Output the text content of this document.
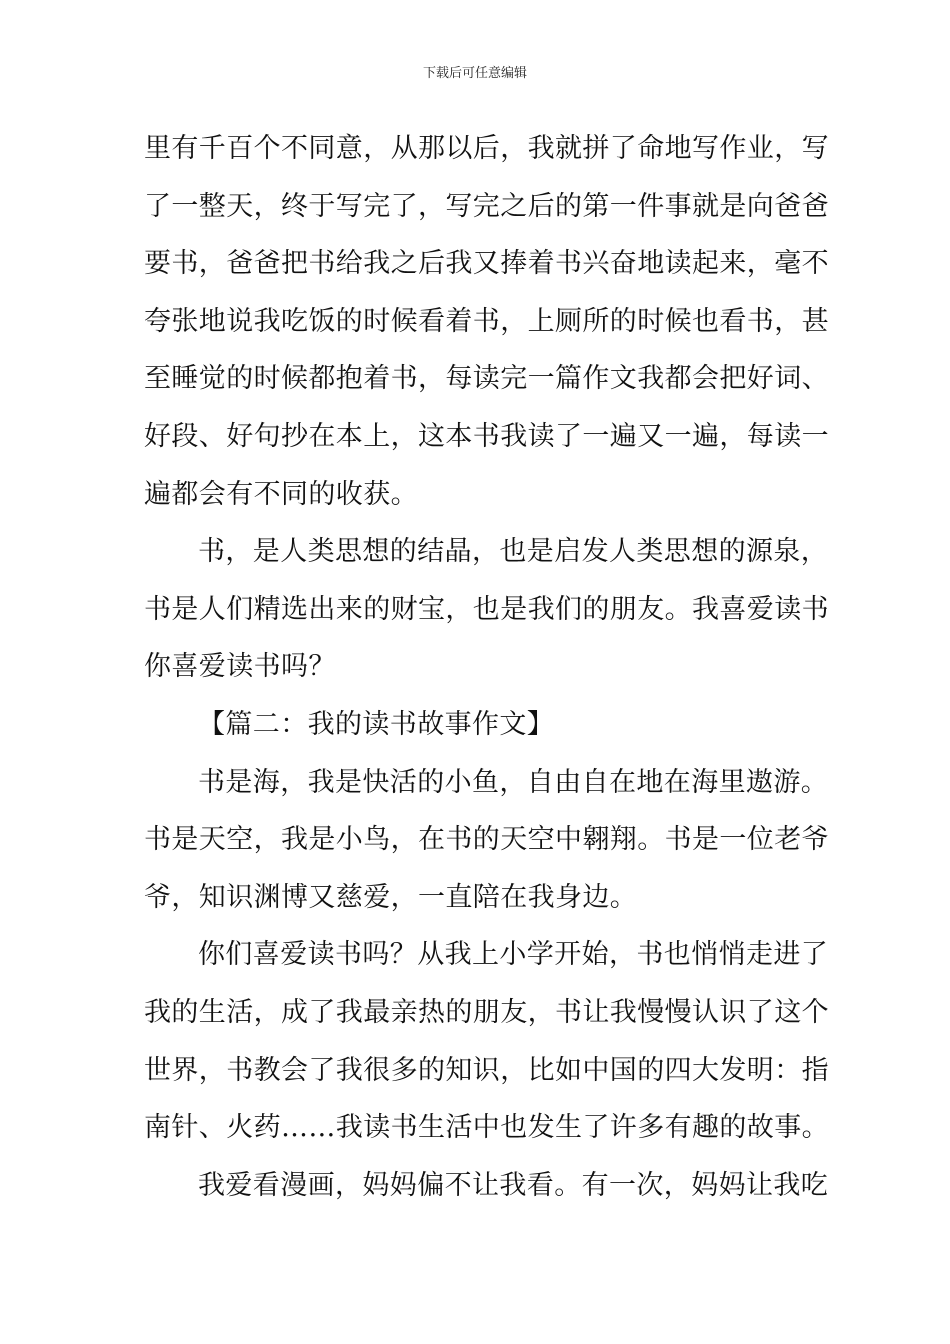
下载后可任意编辑
里有千百个不同意，从那以后，我就拼了命地写作业，写
了一整天，终于写完了，写完之后的第一件事就是向爸爸
要书，爸爸把书给我之后我又捧着书兴奋地读起来，毫不
夸张地说我吃饭的时候看着书，上厕所的时候也看书，甚
至睡觉的时候都抱着书，每读完一篇作文我都会把好词、
好段、好句抄在本上，这本书我读了一遍又一遍，每读一
遍都会有不同的收获。
书，是人类思想的结晶，也是启发人类思想的源泉，
书是人们精选出来的财宝，也是我们的朋友。我喜爱读书
你喜爱读书吗？
【篇二：我的读书故事作文】
书是海，我是快活的小鱼，自由自在地在海里遨游。
书是天空，我是小鸟，在书的天空中翱翔。书是一位老爷
爷，知识渊博又慈爱，一直陪在我身边。
你们喜爱读书吗？从我上小学开始，书也悄悄走进了
我的生活，成了我最亲热的朋友，书让我慢慢认识了这个
世界，书教会了我很多的知识，比如中国的四大发明：指
南针、火药……我读书生活中也发生了许多有趣的故事。
我爱看漫画，妈妈偏不让我看。有一次，妈妈让我吃
